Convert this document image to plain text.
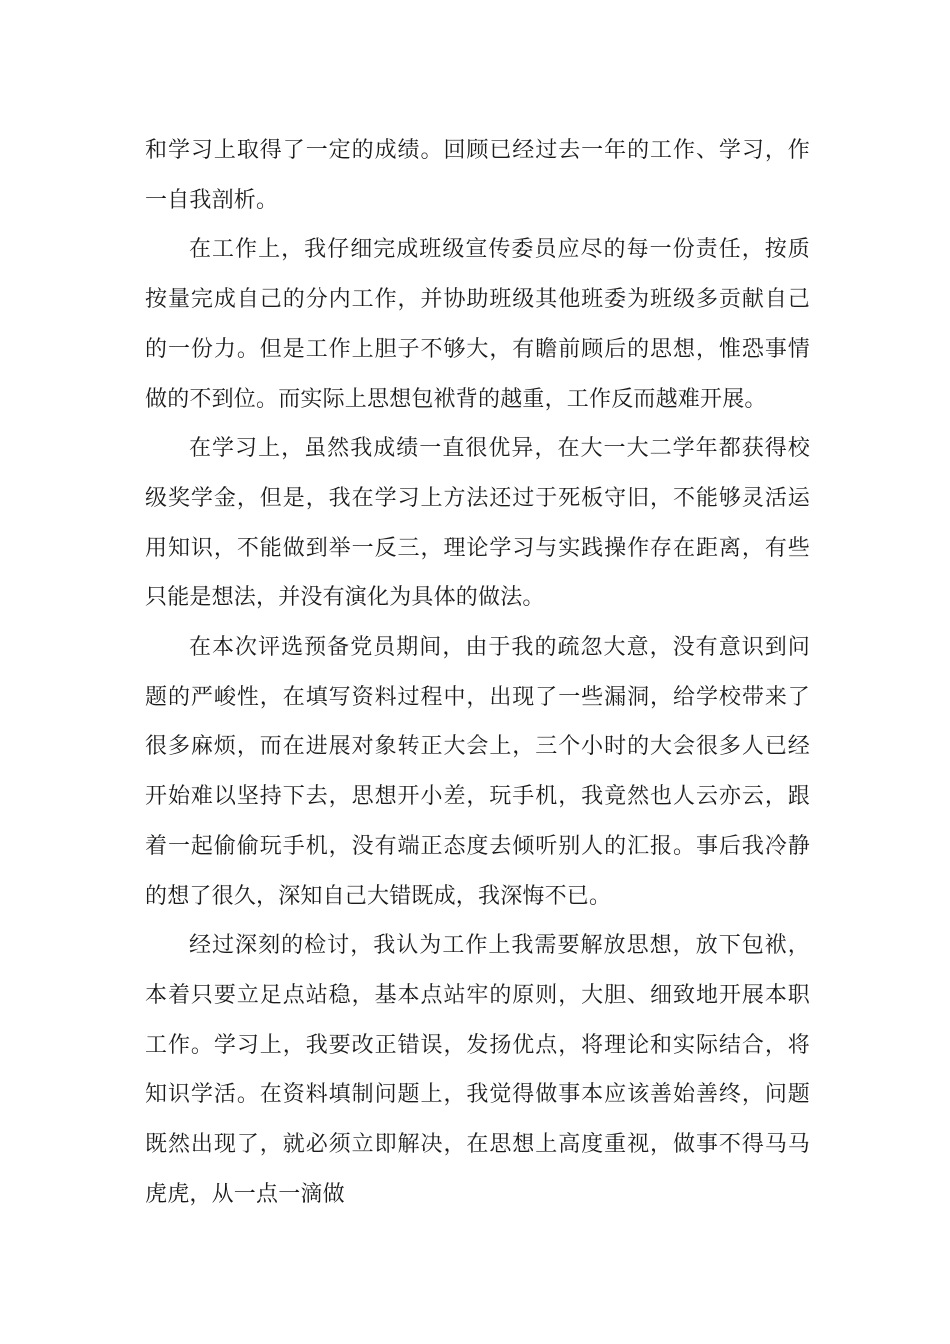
和学习上取得了一定的成绩。回顾已经过去一年的工作、学习，作一自我剖析。

在工作上，我仔细完成班级宣传委员应尽的每一份责任，按质按量完成自己的分内工作，并协助班级其他班委为班级多贡献自己的一份力。但是工作上胆子不够大，有瞻前顾后的思想，惟恐事情做的不到位。而实际上思想包袱背的越重，工作反而越难开展。

在学习上，虽然我成绩一直很优异，在大一大二学年都获得校级奖学金，但是，我在学习上方法还过于死板守旧，不能够灵活运用知识，不能做到举一反三，理论学习与实践操作存在距离，有些只能是想法，并没有演化为具体的做法。

在本次评选预备党员期间，由于我的疏忽大意，没有意识到问题的严峻性，在填写资料过程中，出现了一些漏洞，给学校带来了很多麻烦，而在进展对象转正大会上，三个小时的大会很多人已经开始难以坚持下去，思想开小差，玩手机，我竟然也人云亦云，跟着一起偷偷玩手机，没有端正态度去倾听别人的汇报。事后我冷静的想了很久，深知自己大错既成，我深悔不已。

经过深刻的检讨，我认为工作上我需要解放思想，放下包袱，本着只要立足点站稳，基本点站牢的原则，大胆、细致地开展本职工作。学习上，我要改正错误，发扬优点，将理论和实际结合，将知识学活。在资料填制问题上，我觉得做事本应该善始善终，问题既然出现了，就必须立即解决，在思想上高度重视，做事不得马马虎虎，从一点一滴做
